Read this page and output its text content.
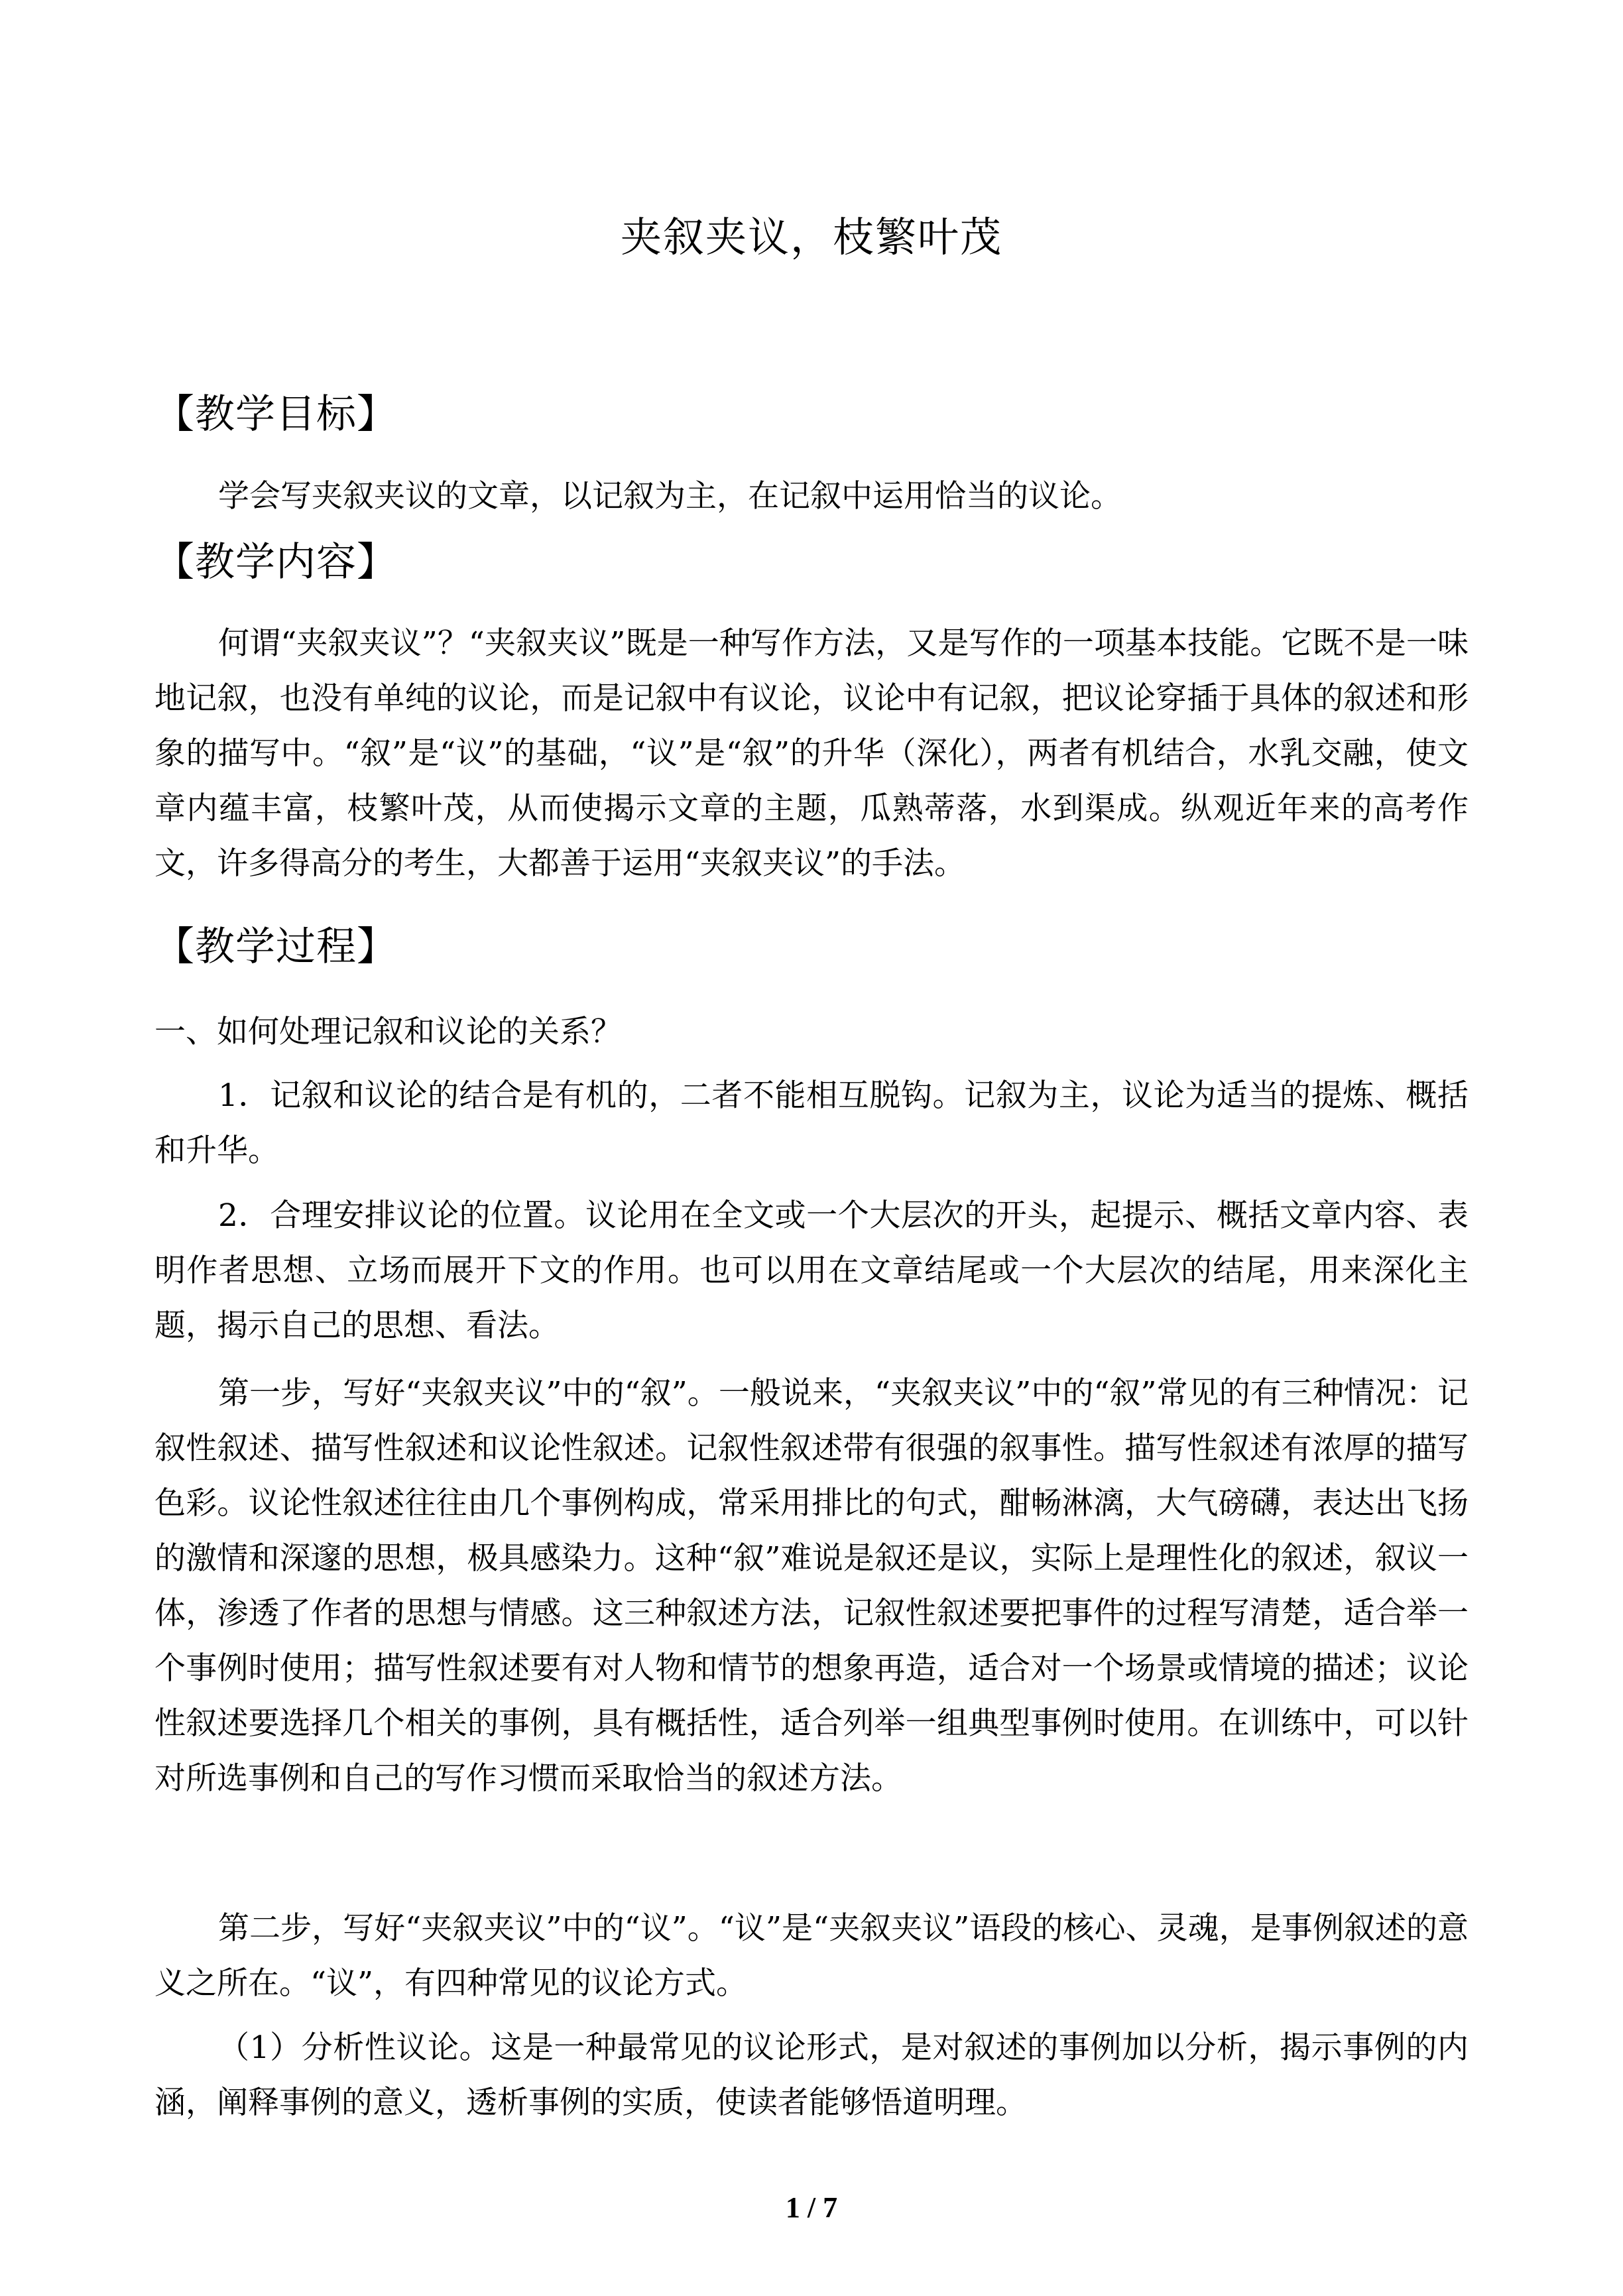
夹叙夹议，枝繁叶茂
【教学目标】

学会写夹叙夹议的文章，以记叙为主，在记叙中运用恰当的议论。

【教学内容】

何谓“夹叙夹议”？“夹叙夹议”既是一种写作方法，又是写作的一项基本技能。它既不是一味地记叙，也没有单纯的议论，而是记叙中有议论，议论中有记叙，把议论穿插于具体的叙述和形象的描写中。“叙”是“议”的基础，“议”是“叙”的升华（深化），两者有机结合，水乳交融，使文章内蕴丰富，枝繁叶茂，从而使揭示文章的主题，瓜熟蒂落，水到渠成。纵观近年来的高考作文，许多得高分的考生，大都善于运用“夹叙夹议”的手法。

【教学过程】

一、如何处理记叙和议论的关系？

1．记叙和议论的结合是有机的，二者不能相互脱钩。记叙为主，议论为适当的提炼、概括和升华。

2．合理安排议论的位置。议论用在全文或一个大层次的开头，起提示、概括文章内容、表明作者思想、立场而展开下文的作用。也可以用在文章结尾或一个大层次的结尾，用来深化主题，揭示自己的思想、看法。

第一步，写好“夹叙夹议”中的“叙”。一般说来，“夹叙夹议”中的“叙”常见的有三种情况：记叙性叙述、描写性叙述和议论性叙述。记叙性叙述带有很强的叙事性。描写性叙述有浓厚的描写色彩。议论性叙述往往由几个事例构成，常采用排比的句式，酣畅淋漓，大气磅礴，表达出飞扬的激情和深邃的思想，极具感染力。这种“叙”难说是叙还是议，实际上是理性化的叙述，叙议一体，渗透了作者的思想与情感。这三种叙述方法，记叙性叙述要把事件的过程写清楚，适合举一个事例时使用；描写性叙述要有对人物和情节的想象再造，适合对一个场景或情境的描述；议论性叙述要选择几个相关的事例，具有概括性，适合列举一组典型事例时使用。在训练中，可以针对所选事例和自己的写作习惯而采取恰当的叙述方法。

第二步，写好“夹叙夹议”中的“议”。“议”是“夹叙夹议”语段的核心、灵魂，是事例叙述的意义之所在。“议”，有四种常见的议论方式。

（1）分析性议论。这是一种最常见的议论形式，是对叙述的事例加以分析，揭示事例的内涵，阐释事例的意义，透析事例的实质，使读者能够悟道明理。

1 / 7
